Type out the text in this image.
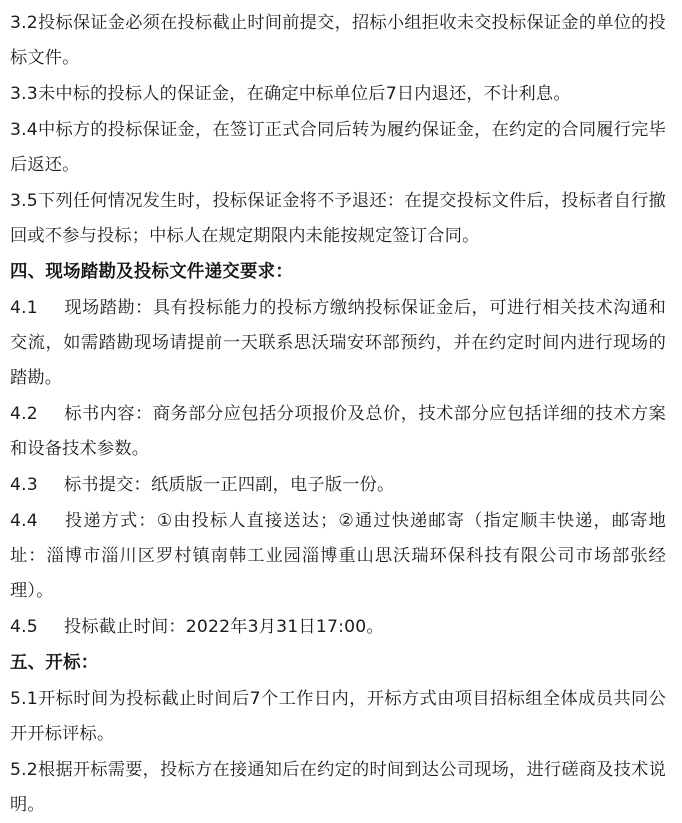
3.2投标保证金必须在投标截止时间前提交，招标小组拒收未交投标保证金的单位的投标文件。

3.3未中标的投标人的保证金，在确定中标单位后7日内退还，不计利息。

3.4中标方的投标保证金，在签订正式合同后转为履约保证金，在约定的合同履行完毕后返还。

3.5下列任何情况发生时，投标保证金将不予退还：在提交投标文件后，投标者自行撤回或不参与投标；中标人在规定期限内未能按规定签订合同。

四、现场踏勘及投标文件递交要求：

4.1 现场踏勘：具有投标能力的投标方缴纳投标保证金后，可进行相关技术沟通和交流，如需踏勘现场请提前一天联系思沃瑞安环部预约，并在约定时间内进行现场的踏勘。

4.2 标书内容：商务部分应包括分项报价及总价，技术部分应包括详细的技术方案和设备技术参数。

4.3 标书提交：纸质版一正四副，电子版一份。

4.4 投递方式：①由投标人直接送达；②通过快递邮寄（指定顺丰快递，邮寄地址：淄博市淄川区罗村镇南韩工业园淄博重山思沃瑞环保科技有限公司市场部张经理）。

4.5 投标截止时间：2022年3月31日17:00。

五、开标：

5.1开标时间为投标截止时间后7个工作日内，开标方式由项目招标组全体成员共同公开开标评标。

5.2根据开标需要，投标方在接通知后在约定的时间到达公司现场，进行磋商及技术说明。
